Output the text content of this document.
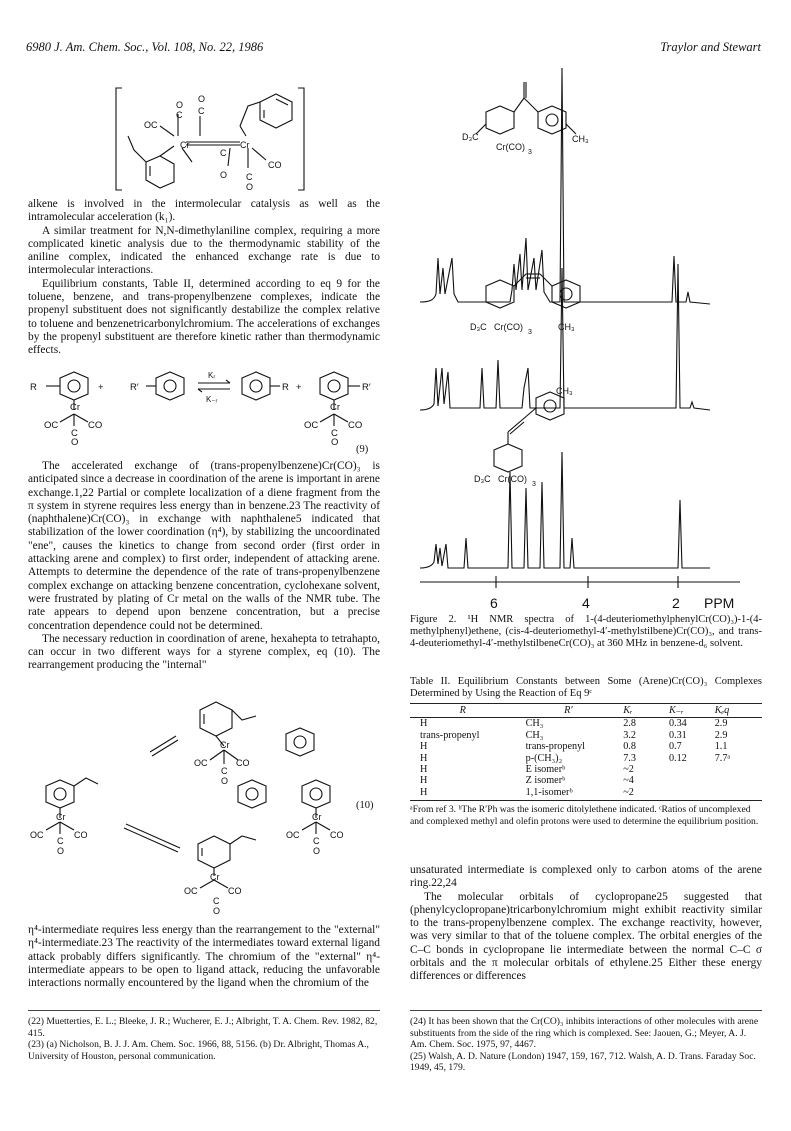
6980 J. Am. Chem. Soc., Vol. 108, No. 22, 1986	Traylor and Stewart
O
C
O
C
OC
Cr	Cr
C
O C
O
CO

alkene is involved in the intermolecular catalysis as well as the intramolecular acceleration (k₁).

A similar treatment for N,N-dimethylaniline complex, requiring a more complicated kinetic analysis due to the thermodynamic stability of the aniline complex, indicated the enhanced exchange rate is due to intermolecular interactions.

Equilibrium constants, Table II, determined according to eq 9 for the toluene, benzene, and trans-propenylbenzene complexes, indicate the propenyl substituent does not significantly destabilize the complex relative to toluene and benzenetricarbonylchromium. The accelerations of exchanges by the propenyl substituent are therefore kinetic rather than thermodynamic effects.

R	+	R′
Kᵣ
K₋ᵣ
R +	R′
Cr
OC	CO
C
O
Cr
OC	CO
C
O
(9)

The accelerated exchange of (trans-propenylbenzene)Cr(CO)₃ is anticipated since a decrease in coordination of the arene is important in arene exchange.1,22 Partial or complete localization of a diene fragment from the π system in styrene requires less energy than in benzene.23 The reactivity of (naphthalene)Cr(CO)₃ in exchange with naphthalene5 indicated that stabilization of the lower coordination (η⁴), by stabilizing the uncoordinated "ene", causes the kinetics to change from second order (first order in attacking arene and complex) to first order, independent of attacking arene. Attempts to determine the dependence of the rate of trans-propenylbenzene complex exchange on attacking benzene concentration, cyclohexane solvent, were frustrated by plating of Cr metal on the walls of the NMR tube. The rate appears to depend upon benzene concentration, but a precise concentration dependence could not be determined.

The necessary reduction in coordination of arene, hexahepta to tetrahapto, can occur in two different ways for a styrene complex, eq (10). The rearrangement producing the "internal"

Cr
OC	CO
C
O
Cr
OC	CO
C
O
Cr
OC	CO
C
O
Cr
OC	CO
(10)
C
O

η⁴-intermediate requires less energy than the rearrangement to the "external" η⁴-intermediate.23 The reactivity of the intermediates toward external ligand attack probably differs significantly. The chromium of the "external" η⁴-intermediate appears to be open to ligand attack, reducing the unfavorable interactions normally encountered by the ligand when the chromium of the

(22) Muetterties, E. L.; Bleeke, J. R.; Wucherer, E. J.; Albright, T. A. Chem. Rev. 1982, 82, 415.

(23) (a) Nicholson, B. J. J. Am. Chem. Soc. 1966, 88, 5156. (b) Dr. Albright, Thomas A., University of Houston, personal communication.

D₃C
Cr(CO)
3
CH₃
D₃C Cr(CO)
3
CH₃
CH₃
D₃C Cr(CO)
3
6	4	2 PPM
Figure 2. ¹H NMR spectra of 1-(4-deuteriomethylphenylCr(CO)₃)-1-(4-methylphenyl)ethene, (cis-4-deuteriomethyl-4′-methylstilbene)Cr(CO)₃, and trans-4-deuteriomethyl-4′-methylstilbeneCr(CO)₃ at 360 MHz in benzene-d₆ solvent.
Table II. Equilibrium Constants between Some (Arene)Cr(CO)₃ Complexes Determined by Using the Reaction of Eq 9ᶜ
R	R′	Kᵣ	K₋ᵣ	Kₑq
H	CH₃	2.8	0.34	2.9
trans-propenyl	CH₃	3.2	0.31	2.9
H	trans-propenyl	0.8	0.7	1.1
H	p-(CH₃)₂	7.3	0.12	7.7ᵃ
H	E isomerᵇ	~2		
H	Z isomerᵇ	~4		
H	1,1-isomerᵇ	~2		
ᵃFrom ref 3. ᵇThe R′Ph was the isomeric ditolylethene indicated. ᶜRatios of uncomplexed and complexed methyl and olefin protons were used to determine the equilibrium position.

unsaturated intermediate is complexed only to carbon atoms of the arene ring.22,24

The molecular orbitals of cyclopropane25 suggested that (phenylcyclopropane)tricarbonylchromium might exhibit reactivity similar to the trans-propenylbenzene complex. The exchange reactivity, however, was very similar to that of the toluene complex. The orbital energies of the C–C bonds in cyclopropane lie intermediate between the normal C–C σ orbitals and the π molecular orbitals of ethylene.25 Either these energy differences or differences

(24) It has been shown that the Cr(CO)₃ inhibits interactions of other molecules with arene substituents from the side of the ring which is complexed. See: Jaouen, G.; Meyer, A. J. Am. Chem. Soc. 1975, 97, 4467.

(25) Walsh, A. D. Nature (London) 1947, 159, 167, 712. Walsh, A. D. Trans. Faraday Soc. 1949, 45, 179.
